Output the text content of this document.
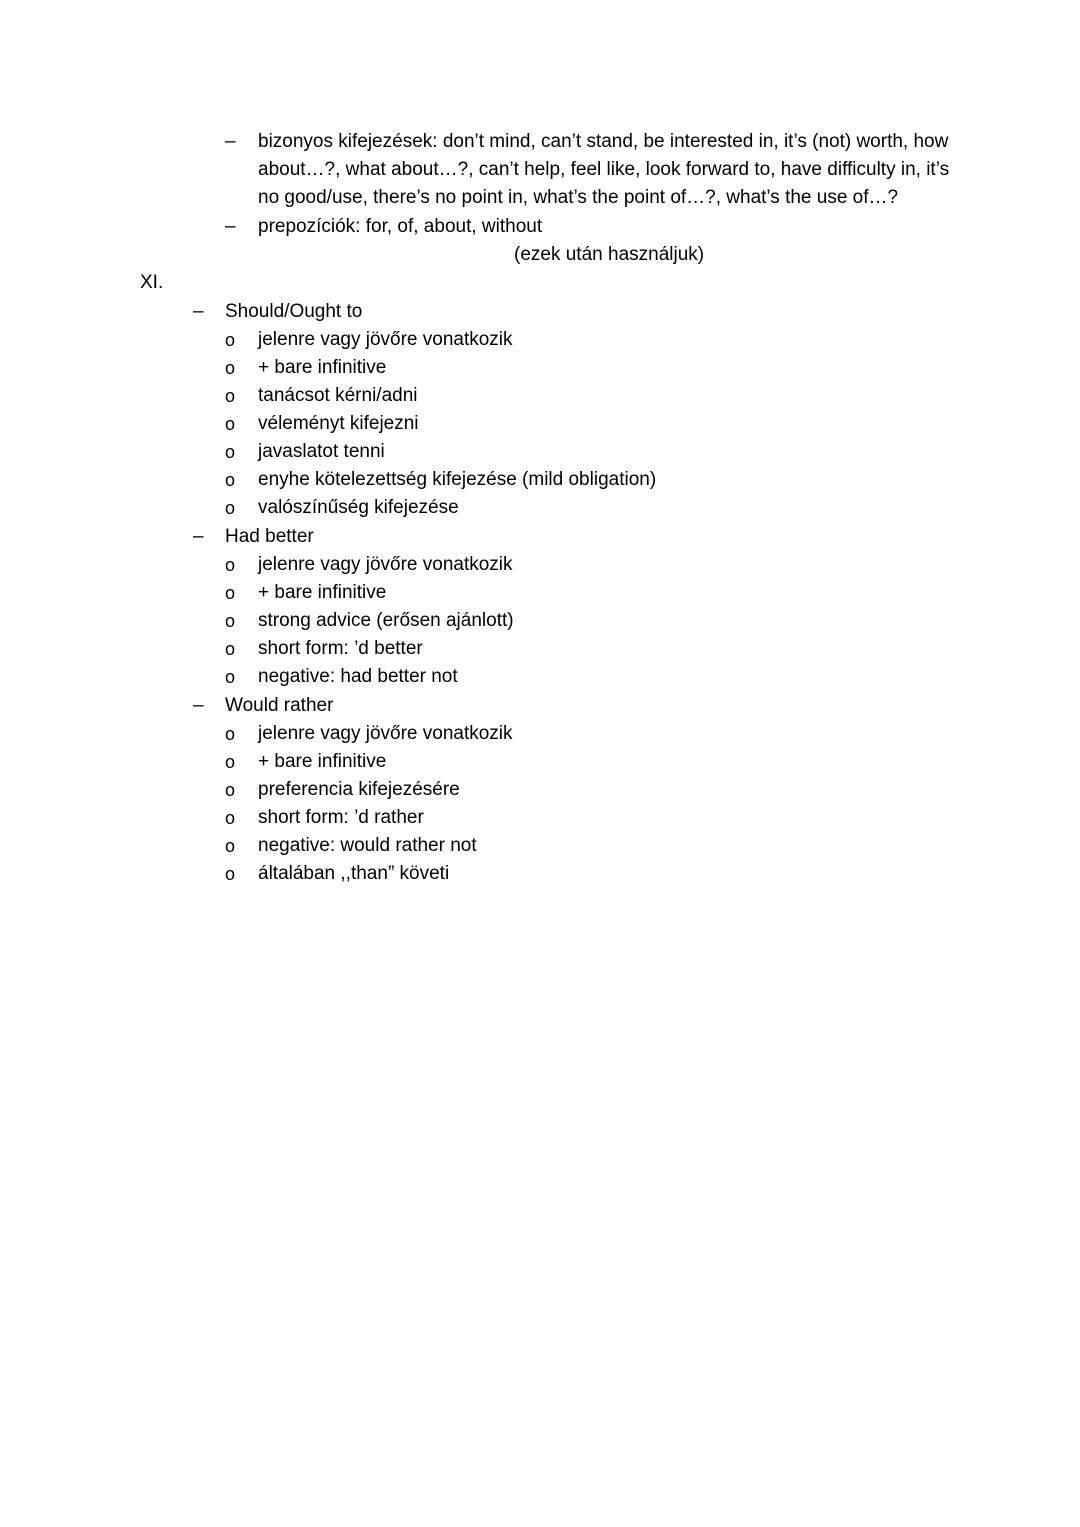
– bizonyos kifejezések: don’t mind, can’t stand, be interested in, it’s (not) worth, how
about…?, what about…?, can’t help, feel like, look forward to, have difficulty in, it’s
no good/use, there’s no point in, what’s the point of…?, what’s the use of…?
– prepozíciók: for, of, about, without
(ezek után használjuk)
XI.
– Should/Ought to
o jelenre vagy jövőre vonatkozik
o + bare infinitive
o tanácsot kérni/adni
o véleményt kifejezni
o javaslatot tenni
o enyhe kötelezettség kifejezése (mild obligation)
o valószínűség kifejezése
– Had better
o jelenre vagy jövőre vonatkozik
o + bare infinitive
o strong advice (erősen ajánlott)
o short form: ’d better
o negative: had better not
– Would rather
o jelenre vagy jövőre vonatkozik
o + bare infinitive
o preferencia kifejezésére
o short form: ’d rather
o negative: would rather not
o általában ,,than” követi
